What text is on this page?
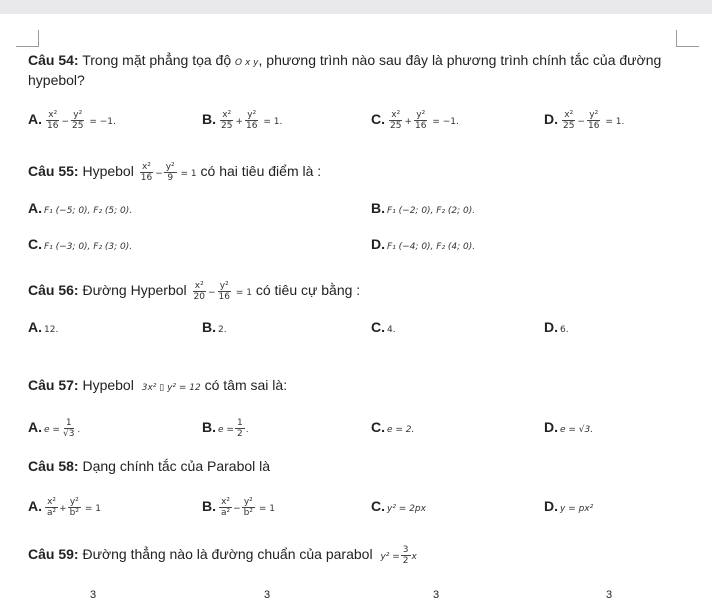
Câu 54: Trong mặt phẳng tọa độ O x y, phương trình nào sau đây là phương trình chính tắc của đường
hypebol?
A. $\frac{\text{x²}}{16} - \frac{\text{y²}}{25} = -1$.	B. $\frac{\text{x²}}{25} + \frac{\text{y²}}{16} = 1$.	C. $\frac{\text{x²}}{25} + \frac{\text{y²}}{16} = -1$.	D. $\frac{\text{x²}}{25} - \frac{\text{y²}}{16} = 1$.
Câu 55: Hypebol $\frac{\text{x²}}{16} - \frac{\text{y²}}{9} = 1$ có hai tiêu điểm là :
A. F₁ (−5; 0), F₂ (5; 0).	B. F₁ (−2; 0), F₂ (2; 0).
C. F₁ (−3; 0), F₂ (3; 0).	D. F₁ (−4; 0), F₂ (4; 0).
Câu 56: Đường Hyperbol $\frac{\text{x²}}{20} - \frac{\text{y²}}{16} = 1$ có tiêu cự bằng :
A. 12.	B. 2.	C. 4.	D. 6.
Câu 57: Hypebol 3x² ▯ y² = 12 có tâm sai là:
A. $e = \frac{1}{√3}$ .	B. $e = \frac{1}{2}$ .	C. e = 2.	D. e = √3.
Câu 58: Dạng chính tắc của Parabol là
A. $\frac{\text{x²}}{\text{a²}} + \frac{\text{y²}}{\text{b²}} = 1$	B. $\frac{\text{x²}}{\text{a²}} - \frac{\text{y²}}{\text{b²}} = 1$	C. y² = 2px	D. y = px²
Câu 59: Đường thẳng nào là đường chuẩn của parabol $y^2 = \frac{3}{2}$ x
3	3	3	3
